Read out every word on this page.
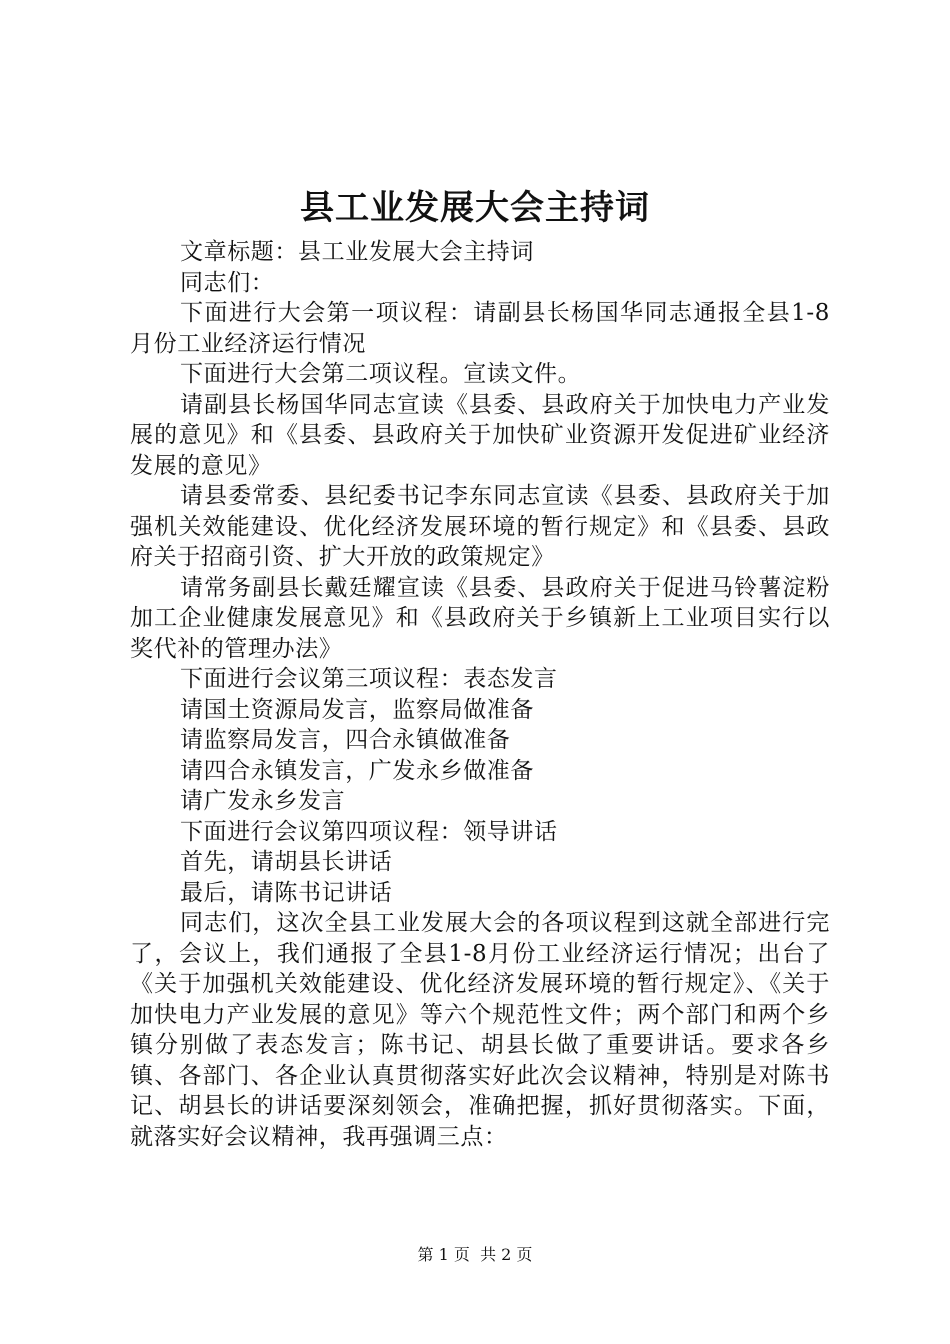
县工业发展大会主持词

文章标题：县工业发展大会主持词

同志们：

下面进行大会第一项议程：请副县长杨国华同志通报全县1-8月份工业经济运行情况

下面进行大会第二项议程。宣读文件。

请副县长杨国华同志宣读《县委、县政府关于加快电力产业发展的意见》和《县委、县政府关于加快矿业资源开发促进矿业经济发展的意见》

请县委常委、县纪委书记李东同志宣读《县委、县政府关于加强机关效能建设、优化经济发展环境的暂行规定》和《县委、县政府关于招商引资、扩大开放的政策规定》

请常务副县长戴廷耀宣读《县委、县政府关于促进马铃薯淀粉加工企业健康发展意见》和《县政府关于乡镇新上工业项目实行以奖代补的管理办法》

下面进行会议第三项议程：表态发言

请国土资源局发言，监察局做准备

请监察局发言，四合永镇做准备

请四合永镇发言，广发永乡做准备

请广发永乡发言

下面进行会议第四项议程：领导讲话

首先，请胡县长讲话

最后，请陈书记讲话

同志们，这次全县工业发展大会的各项议程到这就全部进行完了，会议上，我们通报了全县1-8月份工业经济运行情况；出台了《关于加强机关效能建设、优化经济发展环境的暂行规定》、《关于加快电力产业发展的意见》等六个规范性文件；两个部门和两个乡镇分别做了表态发言；陈书记、胡县长做了重要讲话。要求各乡镇、各部门、各企业认真贯彻落实好此次会议精神，特别是对陈书记、胡县长的讲话要深刻领会，准确把握，抓好贯彻落实。下面，就落实好会议精神，我再强调三点：

第 1 页  共 2 页
